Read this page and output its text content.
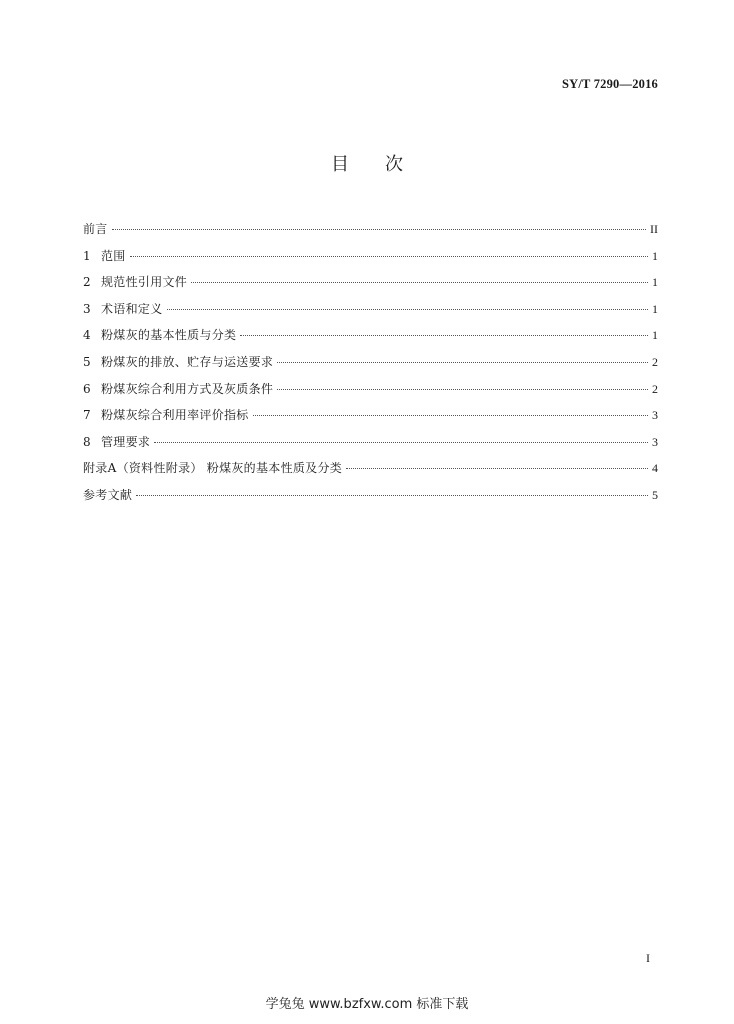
SY/T 7290—2016
目 次
前言	II
1 范围	1
2 规范性引用文件	1
3 术语和定义	1
4 粉煤灰的基本性质与分类	1
5 粉煤灰的排放、贮存与运送要求	2
6 粉煤灰综合利用方式及灰质条件	2
7 粉煤灰综合利用率评价指标	3
8 管理要求	3
附录A（资料性附录） 粉煤灰的基本性质及分类	4
参考文献	5
I
学兔兔 www.bzfxw.com 标准下载
